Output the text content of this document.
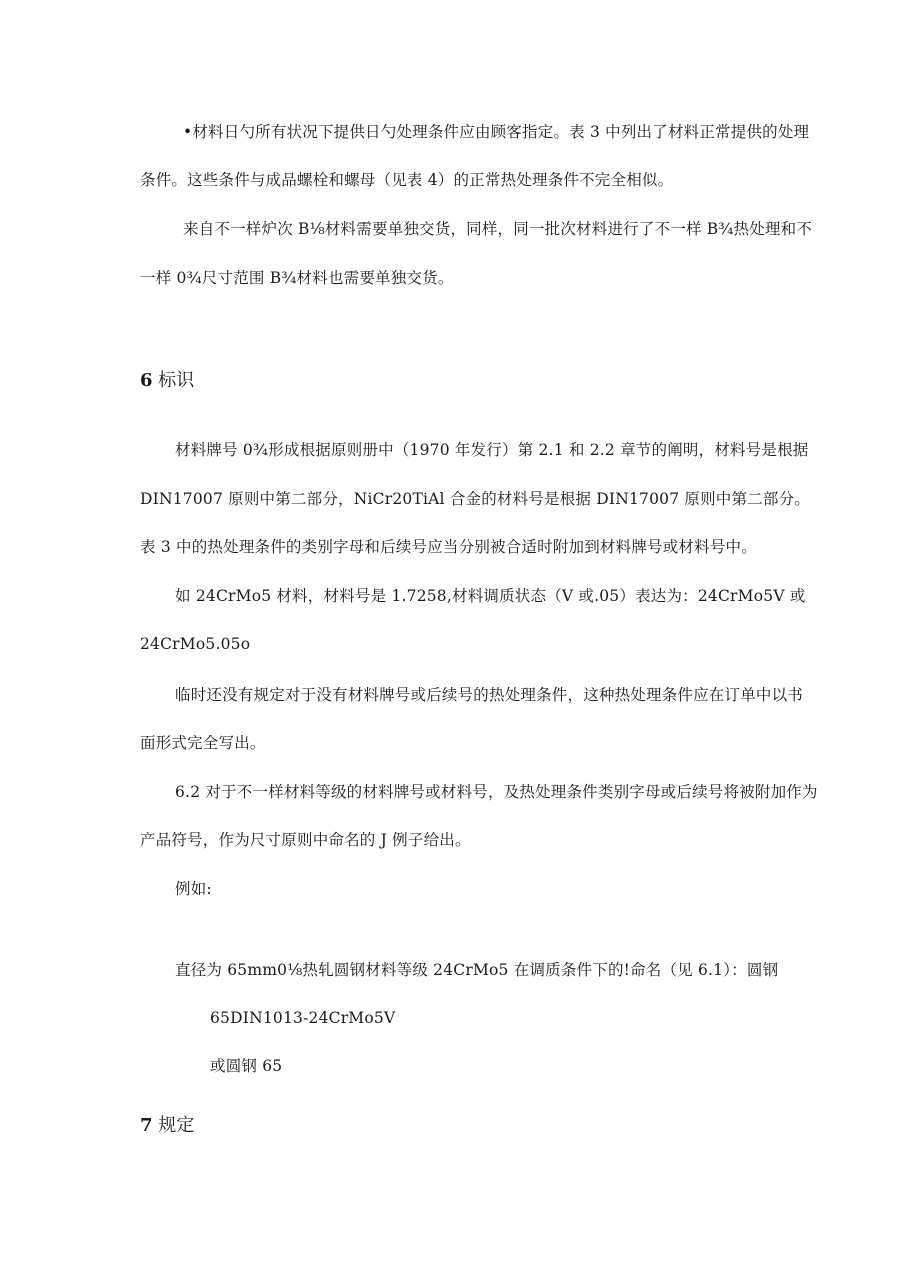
•材料日勺所有状况下提供日勺处理条件应由顾客指定。表 3 中列出了材料正常提供的处理
条件。这些条件与成品螺栓和螺母（见表 4）的正常热处理条件不完全相似。
来自不一样炉次 B⅛材料需要单独交货，同样，同一批次材料进行了不一样 B¾热处理和不
一样 0¾尺寸范围 B¾材料也需要单独交货。
6 标识
材料牌号 0¾形成根据原则册中（1970 年发行）第 2.1 和 2.2 章节的阐明，材料号是根据
DIN17007 原则中第二部分，NiCr20TiAl 合金的材料号是根据 DIN17007 原则中第二部分。
表 3 中的热处理条件的类别字母和后续号应当分别被合适时附加到材料牌号或材料号中。
如 24CrMo5 材料，材料号是 1.7258,材料调质状态（V 或.05）表达为：24CrMo5V 或
24CrMo5.05o
临时还没有规定对于没有材料牌号或后续号的热处理条件，这种热处理条件应在订单中以书
面形式完全写出。
6.2 对于不一样材料等级的材料牌号或材料号，及热处理条件类别字母或后续号将被附加作为
产品符号，作为尺寸原则中命名的 J 例子给出。
例如:
直径为 65mm0⅛热轧圆钢材料等级 24CrMo5 在调质条件下的!命名（见 6.1）：圆钢
65DIN1013-24CrMo5V
或圆钢 65
7 规定
